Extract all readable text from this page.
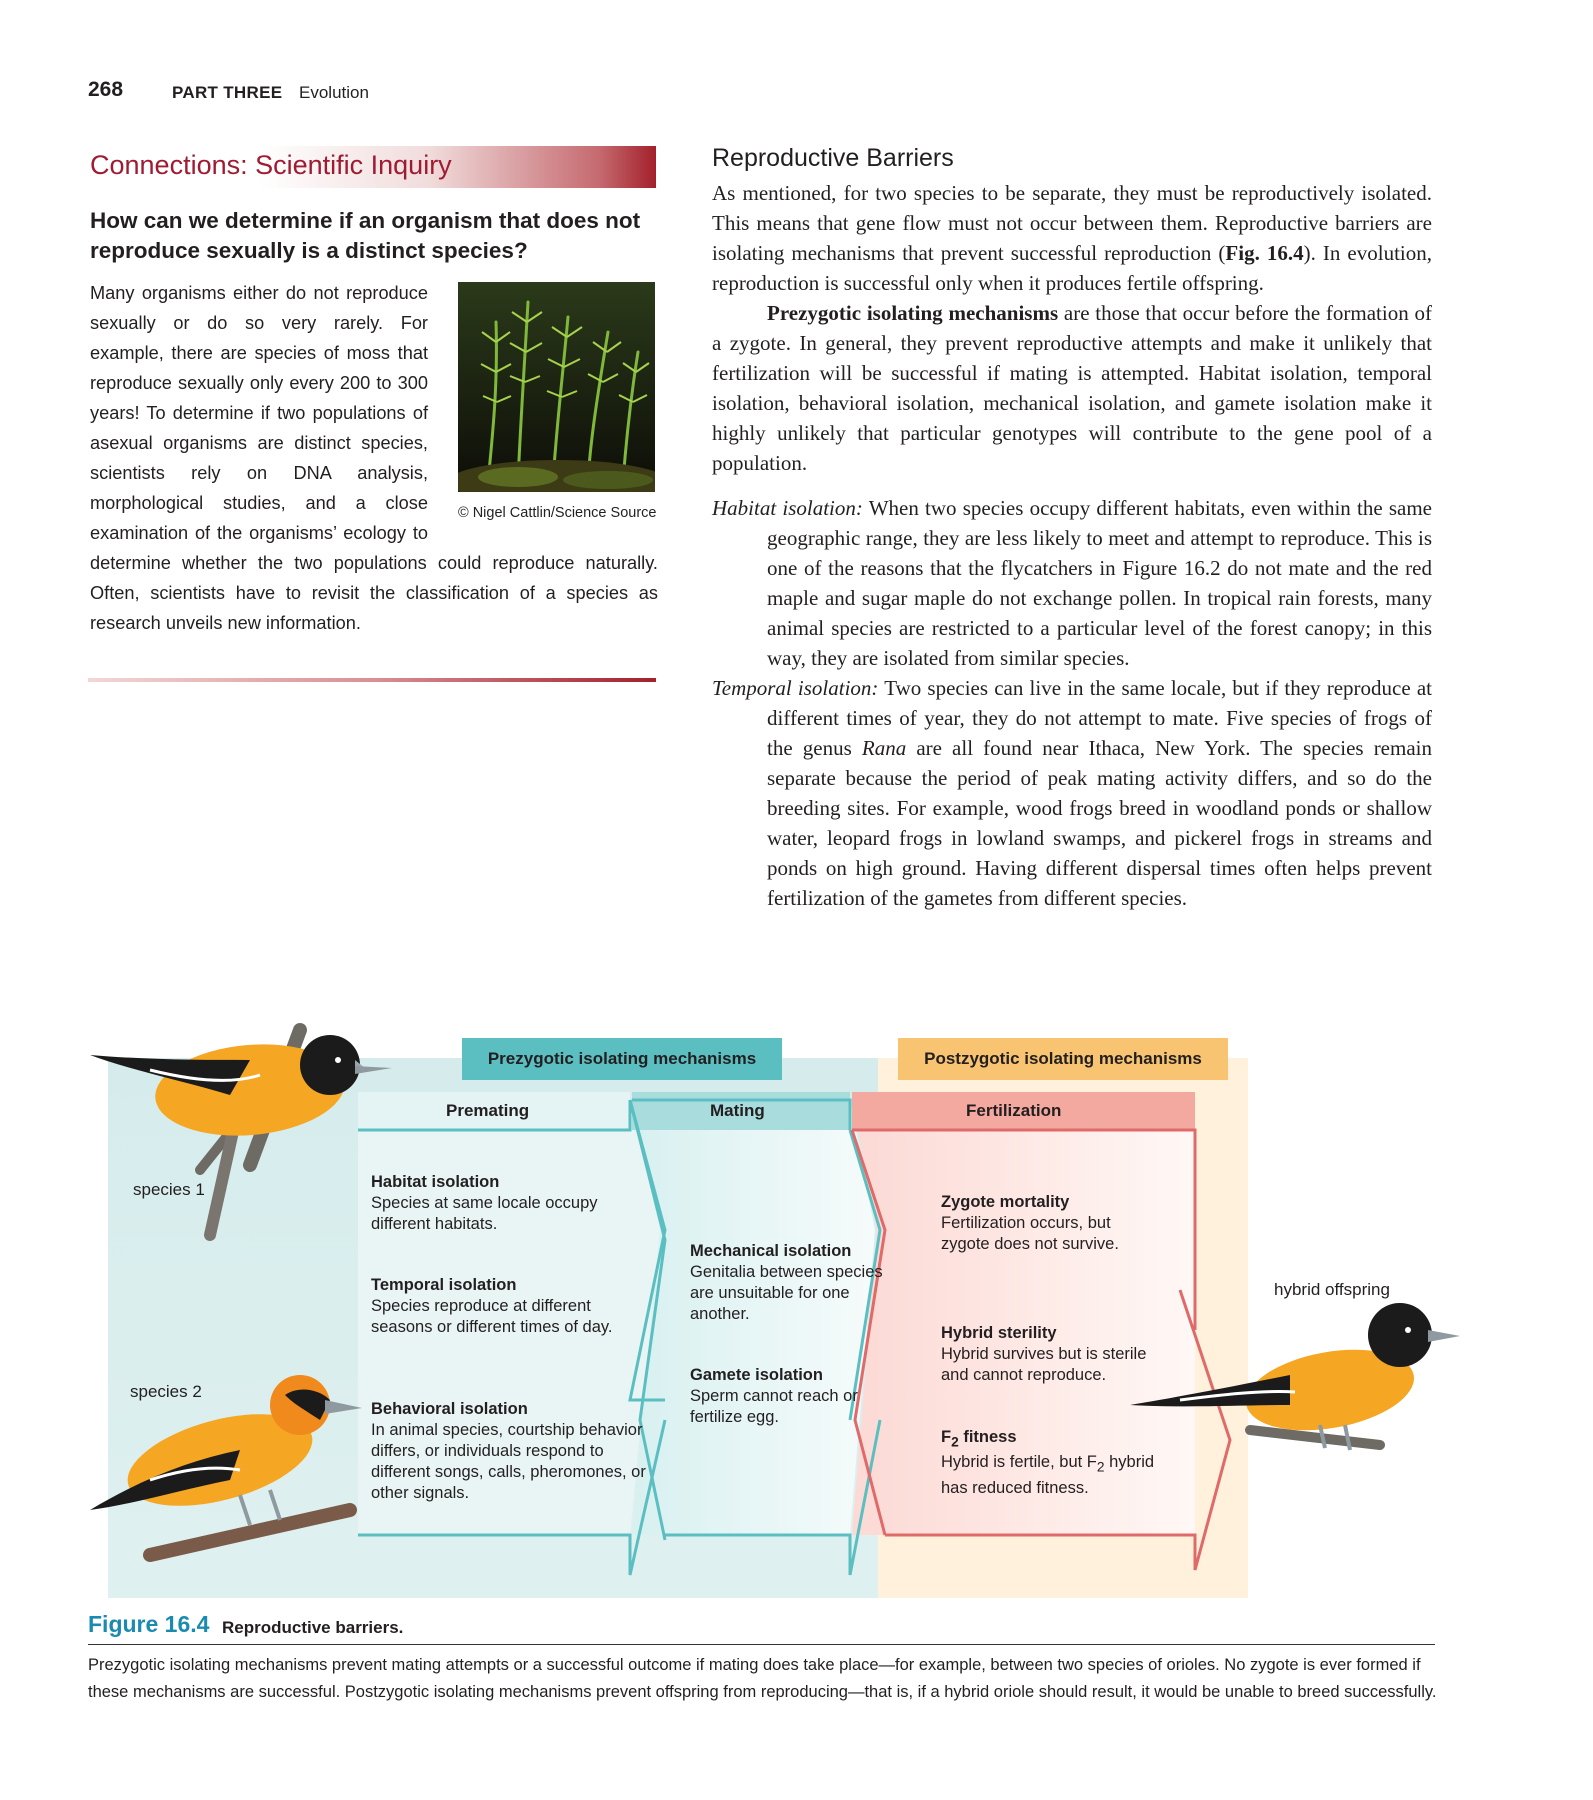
268	PART THREE Evolution
Connections: Scientific Inquiry
How can we determine if an organism that does not reproduce sexually is a distinct species?
© Nigel Cattlin/Science Source

Many organisms either do not reproduce sexually or do so very rarely. For example, there are species of moss that reproduce sexually only every 200 to 300 years! To determine if two populations of asexual organisms are distinct species, scientists rely on DNA analysis, morphological studies, and a close examination of the organisms’ ecology to determine whether the two populations could reproduce naturally. Often, scientists have to revisit the classification of a species as research unveils new information.

Reproductive Barriers

As mentioned, for two species to be separate, they must be reproductively isolated. This means that gene flow must not occur between them. Reproductive barriers are isolating mechanisms that prevent successful reproduction (Fig. 16.4). In evolution, reproduction is successful only when it produces fertile offspring.

Prezygotic isolating mechanisms are those that occur before the formation of a zygote. In general, they prevent reproductive attempts and make it unlikely that fertilization will be successful if mating is attempted. Habitat isolation, temporal isolation, behavioral isolation, mechanical isolation, and gamete isolation make it highly unlikely that particular genotypes will contribute to the gene pool of a population.

Habitat isolation: When two species occupy different habitats, even within the same geographic range, they are less likely to meet and attempt to reproduce. This is one of the reasons that the flycatchers in Figure 16.2 do not mate and the red maple and sugar maple do not exchange pollen. In tropical rain forests, many animal species are restricted to a particular level of the forest canopy; in this way, they are isolated from similar species.

Temporal isolation: Two species can live in the same locale, but if they reproduce at different times of year, they do not attempt to mate. Five species of frogs of the genus Rana are all found near Ithaca, New York. The species remain separate because the period of peak mating activity differs, and so do the breeding sites. For example, wood frogs breed in woodland ponds or shallow water, leopard frogs in lowland swamps, and pickerel frogs in streams and ponds on high ground. Having different dispersal times often helps prevent fertilization of the gametes from different species.

Prezygotic isolating mechanisms	Postzygotic isolating mechanisms
Premating	Mating	Fertilization
species 1
species 2
hybrid offspring
Habitat isolation
Species at same locale occupy different habitats.
Temporal isolation
Species reproduce at different seasons or different times of day.
Behavioral isolation
In animal species, courtship behavior differs, or individuals respond to different songs, calls, pheromones, or other signals.
Mechanical isolation
Genitalia between species are unsuitable for one another.
Gamete isolation
Sperm cannot reach or fertilize egg.
Zygote mortality
Fertilization occurs, but zygote does not survive.
Hybrid sterility
Hybrid survives but is sterile and cannot reproduce.
$F_2$ fitness
Hybrid is fertile, but $F_2$ hybrid has reduced fitness.
Figure 16.4 Reproductive barriers.
Prezygotic isolating mechanisms prevent mating attempts or a successful outcome if mating does take place—for example, between two species of orioles. No zygote is ever formed if these mechanisms are successful. Postzygotic isolating mechanisms prevent offspring from reproducing—that is, if a hybrid oriole should result, it would be unable to breed successfully.
